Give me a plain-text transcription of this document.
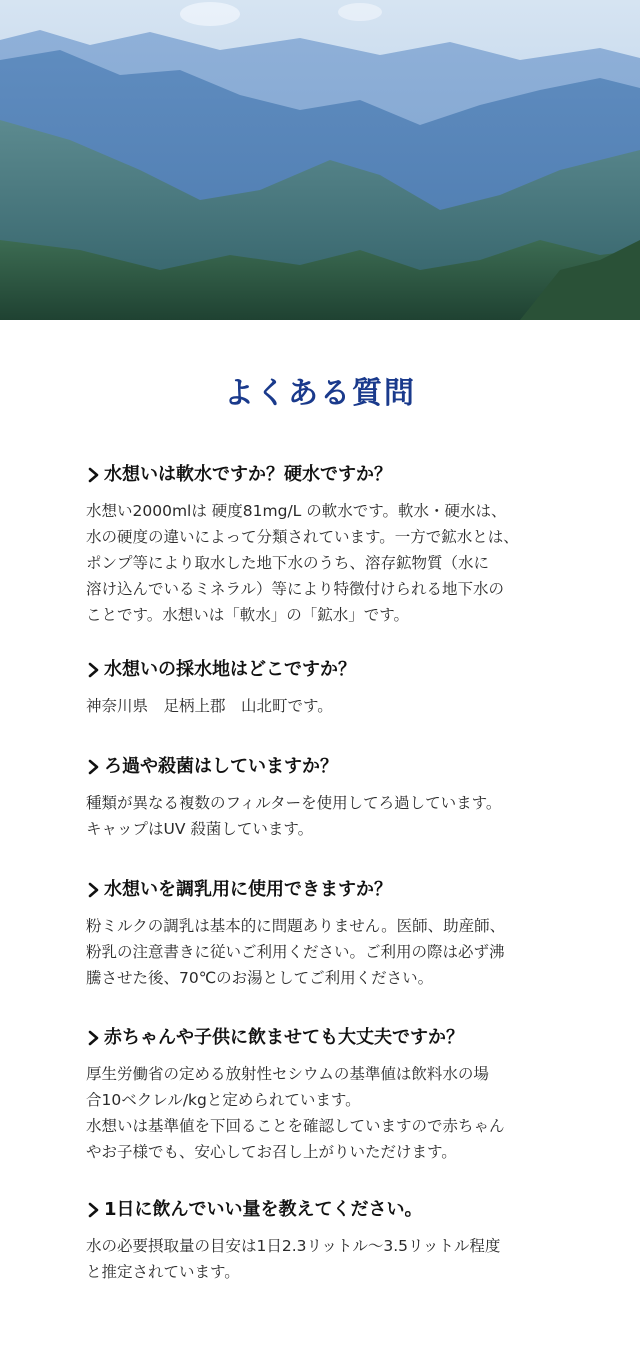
よくある質問
水想いは軟水ですか？硬水ですか？

水想い2000mlは 硬度81mg/L の軟水です。軟水・硬水は、
水の硬度の違いによって分類されています。一方で鉱水とは、
ポンプ等により取水した地下水のうち、溶存鉱物質（水に
溶け込んでいるミネラル）等により特徴付けられる地下水の
ことです。水想いは「軟水」の「鉱水」です。

水想いの採水地はどこですか？

神奈川県　足柄上郡　山北町です。

ろ過や殺菌はしていますか？

種類が異なる複数のフィルターを使用してろ過しています。
キャップはUV 殺菌しています。

水想いを調乳用に使用できますか？

粉ミルクの調乳は基本的に問題ありません。医師、助産師、
粉乳の注意書きに従いご利用ください。ご利用の際は必ず沸
騰させた後、70℃のお湯としてご利用ください。

赤ちゃんや子供に飲ませても大丈夫ですか？

厚生労働省の定める放射性セシウムの基準値は飲料水の場
合10ベクレル/kgと定められています。
水想いは基準値を下回ることを確認していますので赤ちゃん
やお子様でも、安心してお召し上がりいただけます。

1日に飲んでいい量を教えてください。

水の必要摂取量の目安は1日2.3リットル〜3.5リットル程度
と推定されています。
